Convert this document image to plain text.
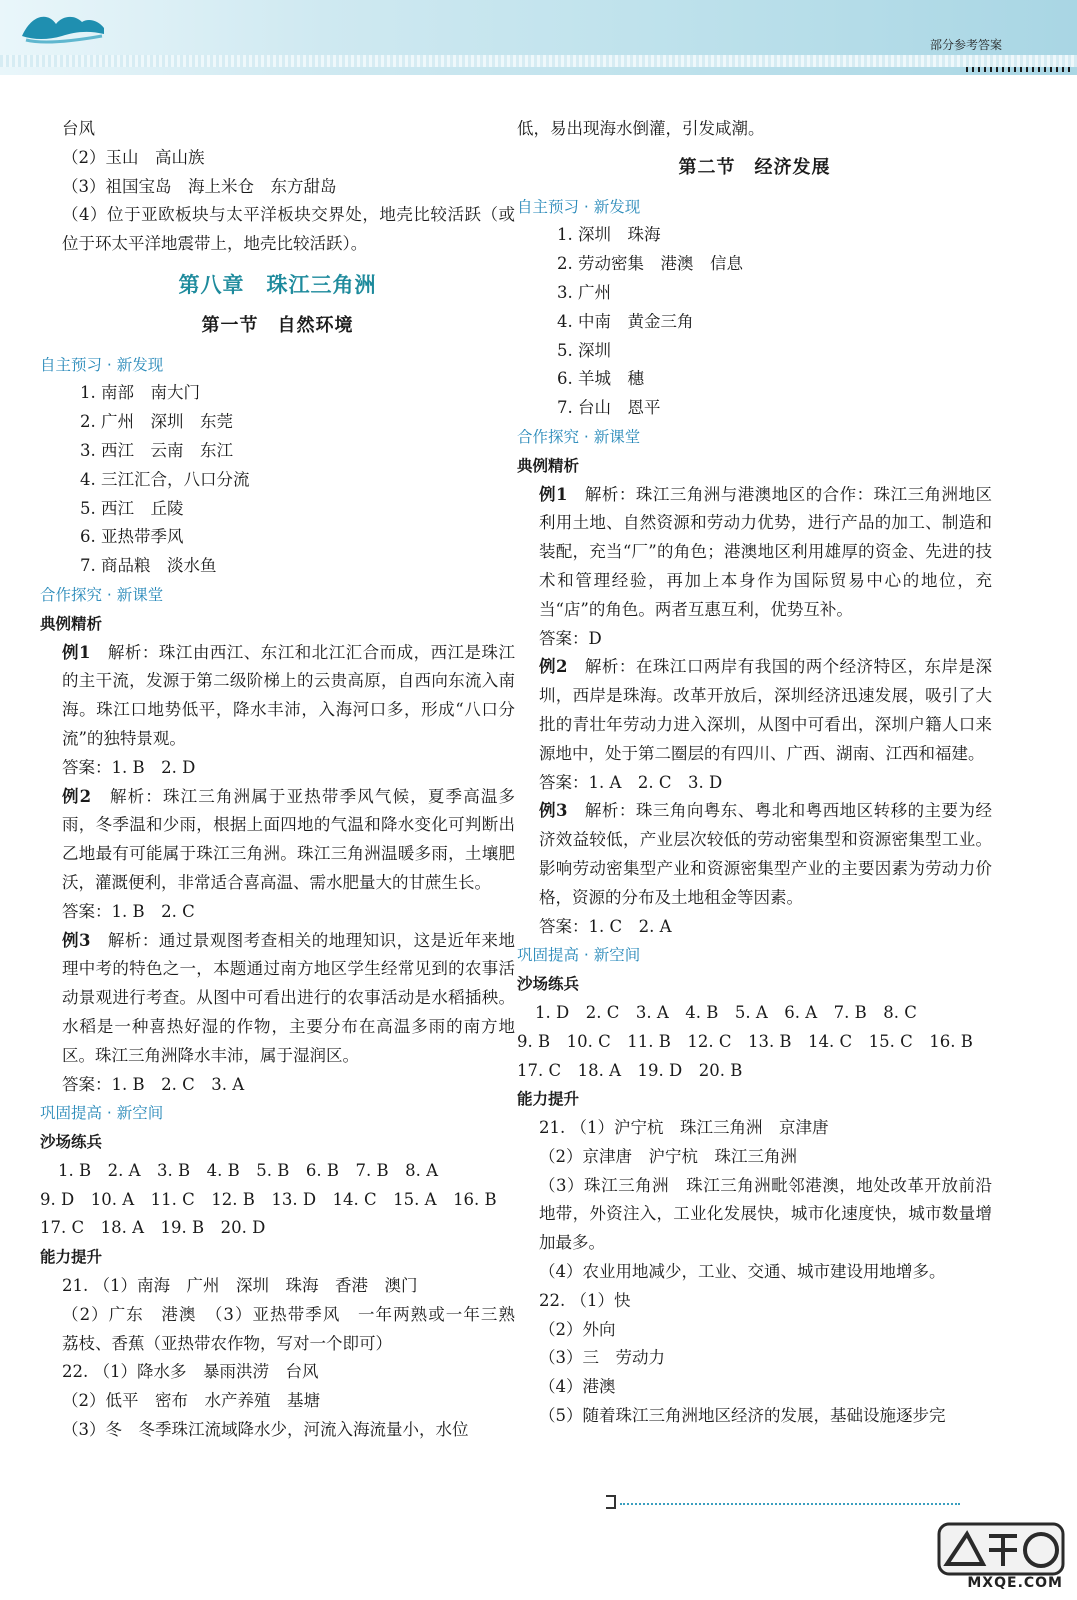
部分参考答案

台风

（2）玉山　高山族

（3）祖国宝岛　海上米仓　东方甜岛

（4）位于亚欧板块与太平洋板块交界处，地壳比较活跃（或位于环太平洋地震带上，地壳比较活跃）。

第八章　珠江三角洲

第一节　自然环境

自主预习 · 新发现

1. 南部　南大门

2. 广州　深圳　东莞

3. 西江　云南　东江

4. 三江汇合，八口分流

5. 西江　丘陵

6. 亚热带季风

7. 商品粮　淡水鱼

合作探究 · 新课堂

典例精析

例1　解析：珠江由西江、东江和北江汇合而成，西江是珠江的主干流，发源于第二级阶梯上的云贵高原，自西向东流入南海。珠江口地势低平，降水丰沛，入海河口多，形成“八口分流”的独特景观。

答案：1. B　2. D

例2　解析：珠江三角洲属于亚热带季风气候，夏季高温多雨，冬季温和少雨，根据上面四地的气温和降水变化可判断出乙地最有可能属于珠江三角洲。珠江三角洲温暖多雨，土壤肥沃，灌溉便利，非常适合喜高温、需水肥量大的甘蔗生长。

答案：1. B　2. C

例3　解析：通过景观图考查相关的地理知识，这是近年来地理中考的特色之一，本题通过南方地区学生经常见到的农事活动景观进行考查。从图中可看出进行的农事活动是水稻插秧。水稻是一种喜热好湿的作物，主要分布在高温多雨的南方地区。珠江三角洲降水丰沛，属于湿润区。

答案：1. B　2. C　3. A

巩固提高 · 新空间

沙场练兵

1. B　2. A　3. B　4. B　5. B　6. B　7. B　8. A

9. D　10. A　11. C　12. B　13. D　14. C　15. A　16. B

17. C　18. A　19. B　20. D

能力提升

21. （1）南海　广州　深圳　珠海　香港　澳门

（2）广东　港澳　（3）亚热带季风　一年两熟或一年三熟　荔枝、香蕉（亚热带农作物，写对一个即可）

22. （1）降水多　暴雨洪涝　台风

（2）低平　密布　水产养殖　基塘

（3）冬　冬季珠江流域降水少，河流入海流量小，水位

低，易出现海水倒灌，引发咸潮。

第二节　经济发展

自主预习 · 新发现

1. 深圳　珠海

2. 劳动密集　港澳　信息

3. 广州

4. 中南　黄金三角

5. 深圳

6. 羊城　穗

7. 台山　恩平

合作探究 · 新课堂

典例精析

例1　解析：珠江三角洲与港澳地区的合作：珠江三角洲地区利用土地、自然资源和劳动力优势，进行产品的加工、制造和装配，充当“厂”的角色；港澳地区利用雄厚的资金、先进的技术和管理经验，再加上本身作为国际贸易中心的地位，充当“店”的角色。两者互惠互利，优势互补。

答案：D

例2　解析：在珠江口两岸有我国的两个经济特区，东岸是深圳，西岸是珠海。改革开放后，深圳经济迅速发展，吸引了大批的青壮年劳动力进入深圳，从图中可看出，深圳户籍人口来源地中，处于第二圈层的有四川、广西、湖南、江西和福建。

答案：1. A　2. C　3. D

例3　解析：珠三角向粤东、粤北和粤西地区转移的主要为经济效益较低，产业层次较低的劳动密集型和资源密集型工业。影响劳动密集型产业和资源密集型产业的主要因素为劳动力价格，资源的分布及土地租金等因素。

答案：1. C　2. A

巩固提高 · 新空间

沙场练兵

1. D　2. C　3. A　4. B　5. A　6. A　7. B　8. C

9. B　10. C　11. B　12. C　13. B　14. C　15. C　16. B

17. C　18. A　19. D　20. B

能力提升

21. （1）沪宁杭　珠江三角洲　京津唐

（2）京津唐　沪宁杭　珠江三角洲

（3）珠江三角洲　珠江三角洲毗邻港澳，地处改革开放前沿地带，外资注入，工业化发展快，城市化速度快，城市数量增加最多。

（4）农业用地减少，工业、交通、城市建设用地增多。

22. （1）快

（2）外向

（3）三　劳动力

（4）港澳

（5）随着珠江三角洲地区经济的发展，基础设施逐步完

MXQE.COM
